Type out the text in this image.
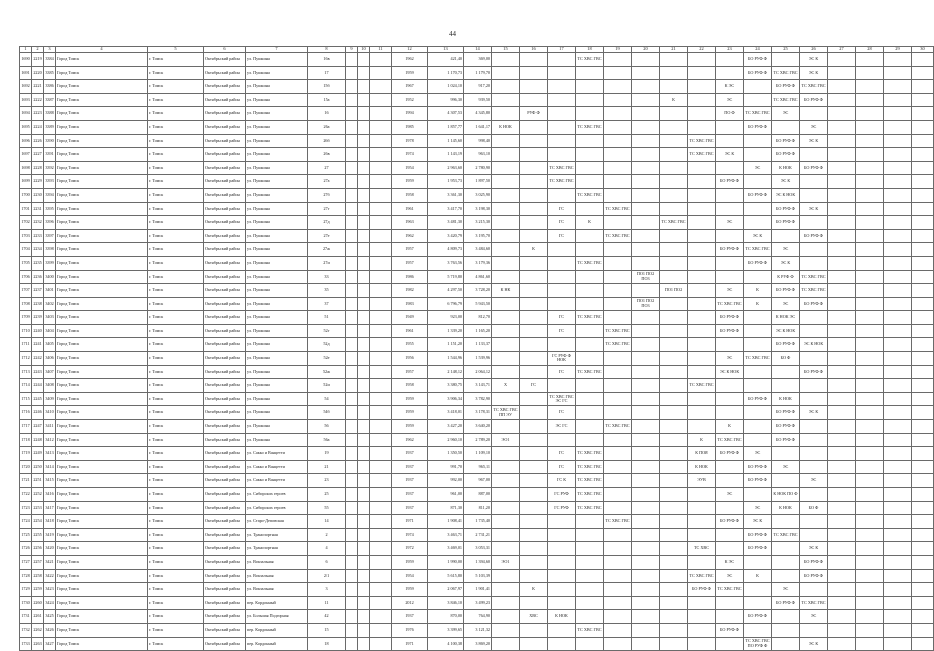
44
1	2	3	4	5	6	7	8	9	10	11	12	13	14	15	16	17	18	19	20	21	22	23	24	25	26	27	28	29	30
1690	2219	3384	Город Томск	г. Томск	Октябрьский район	ул. Пушкина	16в				1962	421,40	369,00				ТС ХВС ГВС						БО РУФ Ф		ЭС К				
1691	2220	3385	Город Томск	г. Томск	Октябрьский район	ул. Пушкина	17				1959	1 170,73	1 179,70										БО РУФ Ф	ТС ХВС ГВС	ЭС К				
1692	2221	3386	Город Томск	г. Томск	Октябрьский район	ул. Пушкина	15б				1967	1 024,10	917,20									К ЭС		БО РУФ Ф	ТС ХВС ГВС				
1693	2222	3387	Город Томск	г. Томск	Октябрьский район	ул. Пушкина	15а				1952	996,30	939,50							К		ЭС		ТС ХВС ГВС	БО РУФ Ф				
1694	2223	3388	Город Томск	г. Томск	Октябрьский район	ул. Пушкина	16				1994	4 307,53	4 345,80		РУФ Ф							ПО Ф	ТС ХВС ГВС	ЭС					
1695	2224	3389	Город Томск	г. Томск	Октябрьский район	ул. Пушкина	26а				1985	1 857,77	1 641,17	К НОК			ТС ХВС ГВС						БО РУФ Ф		ЭС				
1696	2226	3390	Город Томск	г. Томск	Октябрьский район	ул. Пушкина	26б				1978	1 145,60	998,40								ТС ХВС ГВС			БО РУФ Ф	ЭС К				
1697	2227	3391	Город Томск	г. Томск	Октябрьский район	ул. Пушкина	26в				1974	1 143,19	963,10								ТС ХВС ГВС	ЭС К		БО РУФ Ф					
1698	2228	3392	Город Томск	г. Томск	Октябрьский район	ул. Пушкина	27				1954	2 963,60	2 780,90			ТС ХВС ГВС							ЭС	К НОК	БО РУФ Ф				
1699	2229	3393	Город Томск	г. Томск	Октябрьский район	ул. Пушкина	27а				1959	1 953,73	1 897,50			ТС ХВС ГВС						БО РУФ Ф		ЭС К					
1700	2230	3394	Город Томск	г. Томск	Октябрьский район	ул. Пушкина	27б				1958	3 361,30	3 025,90				ТС ХВС ГВС						БО РУФ Ф	ЭС К НОК					
1701	2231	3395	Город Томск	г. Томск	Октябрьский район	ул. Пушкина	27г				1961	3 417,70	3 198,30			ГС		ТС ХВС ГВС						БО РУФ Ф	ЭС К				
1702	2232	3396	Город Томск	г. Томск	Октябрьский район	ул. Пушкина	27д				1963	3 481,30	3 215,30			ГС	К			ТС ХВС ГВС		ЭС		БО РУФ Ф					
1703	2233	3397	Город Томск	г. Томск	Октябрьский район	ул. Пушкина	27е				1962	3 420,79	3 195,70			ГС		ТС ХВС ГВС					ЭС К		БО РУФ Ф				
1704	2234	3398	Город Томск	г. Томск	Октябрьский район	ул. Пушкина	27ж				1957	4 809,73	3 484,60		К							БО РУФ Ф	ТС ХВС ГВС	ЭС					
1705	2235	3399	Город Томск	г. Томск	Октябрьский район	ул. Пушкина	27и				1957	3 763,56	3 179,36				ТС ХВС ГВС						БО РУФ Ф	ЭС К					
1706	2236	3400	Город Томск	г. Томск	Октябрьский район	ул. Пушкина	33				1986	5 719,80	4 861,60						ПО1 ПО2 ПО3					К РУФ Ф	ТС ХВС ГВС				
1707	2237	3401	Город Томск	г. Томск	Октябрьский район	ул. Пушкина	35				1982	4 297,50	3 728,20	К НК						ПО1 ПО2		ЭС	К	БО РУФ Ф	ТС ХВС ГВС				
1708	2238	3402	Город Томск	г. Томск	Октябрьский район	ул. Пушкина	37				1983	6 796,79	5 943,50						ПО1 ПО2 ПО3			ТС ХВС ГВС	К	ЭС	БО РУФ Ф				
1709	2239	3403	Город Томск	г. Томск	Октябрьский район	ул. Пушкина	51				1949	923,00	812,70			ГС	ТС ХВС ГВС					БО РУФ Ф		К НОК ЭС					
1710	2240	3404	Город Томск	г. Томск	Октябрьский район	ул. Пушкина	52г				1961	1 339,20	1 165,20			ГС		ТС ХВС ГВС				БО РУФ Ф		ЭС К НОК					
1711	2241	3405	Город Томск	г. Томск	Октябрьский район	ул. Пушкина	52д				1955	1 151,20	1 133,37					ТС ХВС ГВС						БО РУФ Ф	ЭС К НОК				
1712	2242	3406	Город Томск	г. Томск	Октябрьский район	ул. Пушкина	52е				1956	1 544,96	1 539,96			ГС РУФ Ф НОК						ЭС	ТС ХВС ГВС	БО Ф					
1713	2243	3407	Город Томск	г. Томск	Октябрьский район	ул. Пушкина	52ж				1957	2 148,12	2 064,12			ГС	ТС ХВС ГВС					ЭС К НОК			БО РУФ Ф				
1714	2244	3408	Город Томск	г. Томск	Октябрьский район	ул. Пушкина	52и				1958	3 380,75	3 143,71	Х	ГС						ТС ХВС ГВС								
1715	2245	3409	Город Томск	г. Томск	Октябрьский район	ул. Пушкина	54				1959	3 906,34	3 782,90			ТС ХВС ГВС ЭС ГС							БО РУФ Ф	К НОК					
1716	2246	3410	Город Томск	г. Томск	Октябрьский район	ул. Пушкина	54б				1959	3 418,01	3 178,31	ТС ХВС ГВС ПП ЭУ		ГС								БО РУФ Ф	ЭС К				
1717	2247	3411	Город Томск	г. Томск	Октябрьский район	ул. Пушкина	56				1959	3 427,20	3 640,20			ЭС ГС		ТС ХВС ГВС				К		БО РУФ Ф					
1718	2248	3412	Город Томск	г. Томск	Октябрьский район	ул. Пушкина	56а				1962	2 960,10	2 789,20	ЭО1							К	ТС ХВС ГВС		БО РУФ Ф					
1719	2249	3413	Город Томск	г. Томск	Октябрьский район	ул. Сакко и Ванцетти	19				1937	1 350,50	1 109,10			ГС	ТС ХВС ГВС				К ПОЯ	БО РУФ Ф	ЭС						
1720	2250	3414	Город Томск	г. Томск	Октябрьский район	ул. Сакко и Ванцетти	21				1937	991,70	965,11			ГС	ТС ХВС ГВС				К НОК		БО РУФ Ф	ЭС					
1721	2251	3415	Город Томск	г. Томск	Октябрьский район	ул. Сакко и Ванцетти	23				1937	992,00	967,00			ГС К	ТС ХВС ГВС				ЭУВ		БО РУФ Ф		ЭС				
1722	2252	3416	Город Томск	г. Томск	Октябрьский район	ул. Сибирских героев	25				1937	961,00	887,00			ГС РУФ	ТС ХВС ГВС					ЭС		К НОК ПО Ф					
1723	2253	3417	Город Томск	г. Томск	Октябрьский район	ул. Сибирских героев	55				1937	871,30	811,20			ГС РУФ	ТС ХВС ГВС						ЭС	К НОК	БО Ф				
1724	2254	3418	Город Томск	г. Томск	Октябрьский район	ул. Старо-Деповская	14				1971	1 908,41	1 735,40					ТС ХВС ГВС				БО РУФ Ф	ЭС К						
1725	2255	3419	Город Томск	г. Томск	Октябрьский район	ул. Транспортная	2				1974	3 463,71	2 731,21										БО РУФ Ф	ТС ХВС ГВС					
1726	2256	3420	Город Томск	г. Томск	Октябрьский район	ул. Транспортная	4				1972	3 469,01	3 053,31								ТС ХВС		БО РУФ Ф		ЭС К				
1727	2257	3421	Город Томск	г. Томск	Октябрьский район	ул. Вокзальная	6				1959	1 990,00	1 394,60	ЭО1								К ЭС			БО РУФ Ф				
1728	2258	3422	Город Томск	г. Томск	Октябрьский район	ул. Вокзальная	2/1				1954	5 615,80	5 103,39								ТС ХВС ГВС	ЭС	К		БО РУФ Ф				
1729	2259	3423	Город Томск	г. Томск	Октябрьский район	ул. Вокзальная	3				1959	2 067,97	1 901,41		К						БО РУФ Ф	ТС ХВС ГВС		ЭС					
1730	2260	3424	Город Томск	г. Томск	Октябрьский район	пер. Кордонный	11				2012	3 846,10	3 499,23											БО РУФ Ф	ТС ХВС ГВС				
1731	2261	3425	Город Томск	г. Томск	Октябрьский район	ул. Большая Подгорная	42				1937	870,00	764,90		ХВС	К НОК							БО РУФ Ф		ЭС				
1732	2262	3426	Город Томск	г. Томск	Октябрьский район	пер. Кордонный	15				1976	3 399,65	3 121,32				ТС ХВС ГВС					БО РУФ Ф							
1733	2263	3427	Город Томск	г. Томск	Октябрьский район	пер. Кордонный	18				1971	4 100,38	3 869,20										ТС ХВС ГВС ПО РУФ Ф		ЭС К				
